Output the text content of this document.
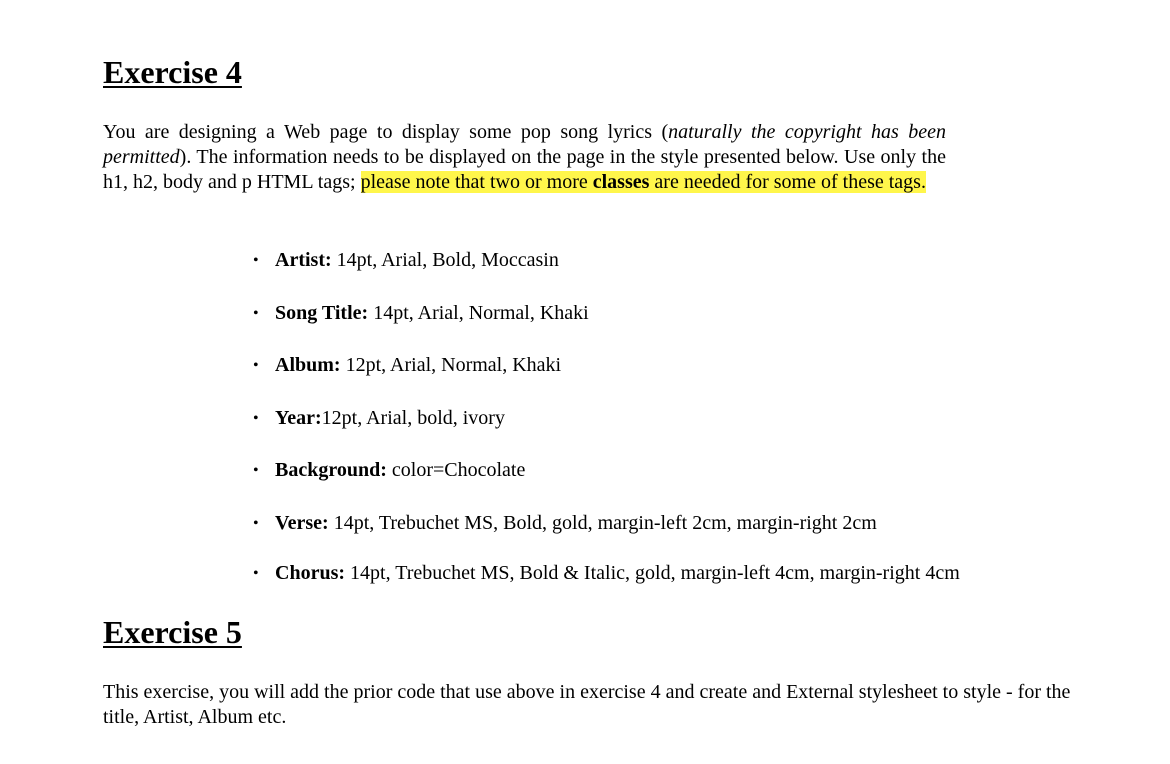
Exercise 4

You are designing a Web page to display some pop song lyrics (naturally the copyright has been permitted). The information needs to be displayed on the page in the style presented below. Use only the h1, h2, body and p HTML tags; please note that two or more classes are needed for some of these tags.

• Artist: 14pt, Arial, Bold, Moccasin
• Song Title: 14pt, Arial, Normal, Khaki
• Album: 12pt, Arial, Normal, Khaki
• Year:12pt, Arial, bold, ivory
• Background: color=Chocolate
• Verse: 14pt, Trebuchet MS, Bold, gold, margin-left 2cm, margin-right 2cm
• Chorus: 14pt, Trebuchet MS, Bold & Italic, gold, margin-left 4cm, margin-right 4cm
Exercise 5

This exercise, you will add the prior code that use above in exercise 4 and create and External stylesheet to style - for the title, Artist, Album etc.
